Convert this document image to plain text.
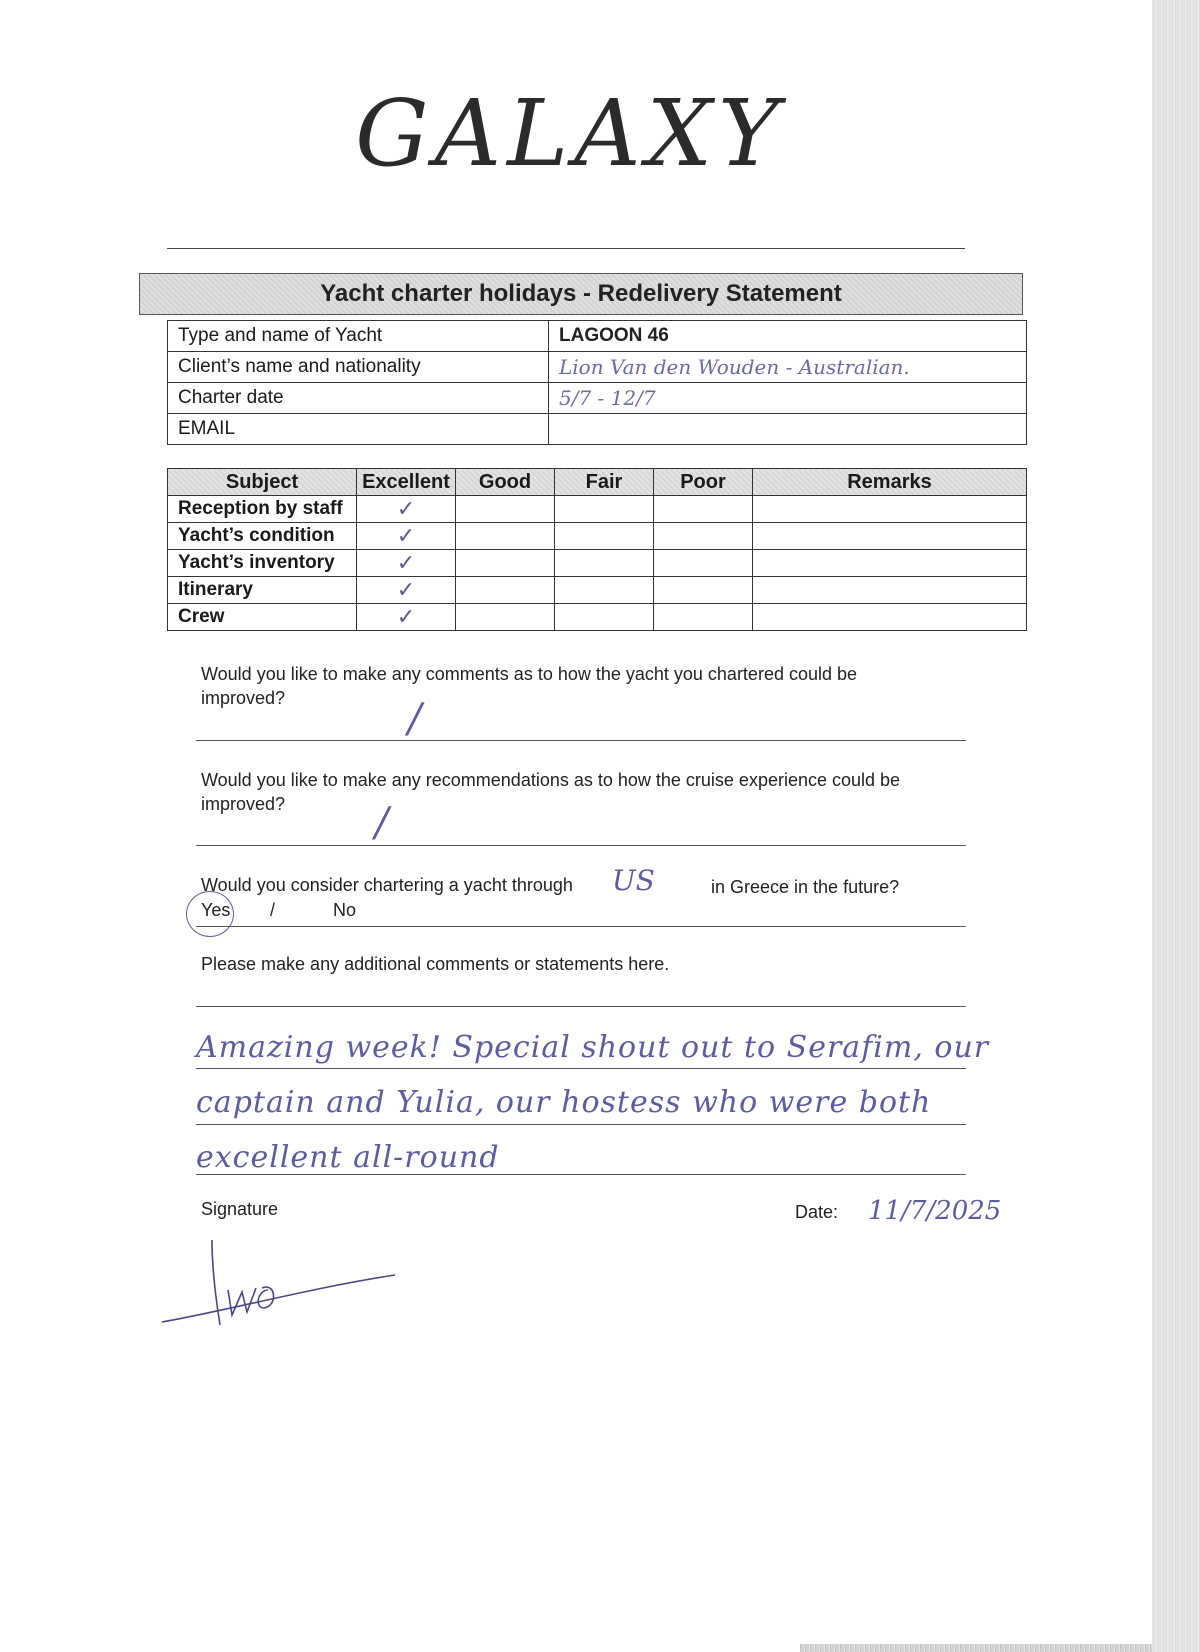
GALAXY
Yacht charter holidays - Redelivery Statement
Type and name of Yacht	LAGOON 46
Client’s name and nationality	Lion Van den Wouden - Australian.
Charter date	5/7 - 12/7
EMAIL	
Subject	Excellent	Good	Fair	Poor	Remarks
Reception by staff	✓				
Yacht’s condition	✓				
Yacht’s inventory	✓				
Itinerary	✓				
Crew	✓				
Would you like to make any comments as to how the yacht you chartered could be
improved?	/
Would you like to make any recommendations as to how the cruise experience could be
improved?	/
Would you consider chartering a yacht through US	in Greece in the future?
Yes /	No
Please make any additional comments or statements here.
Amazing week! Special shout out to Serafim, our
captain and Yulia, our hostess who were both
excellent all-round
Signature	Date: 11/7/2025
